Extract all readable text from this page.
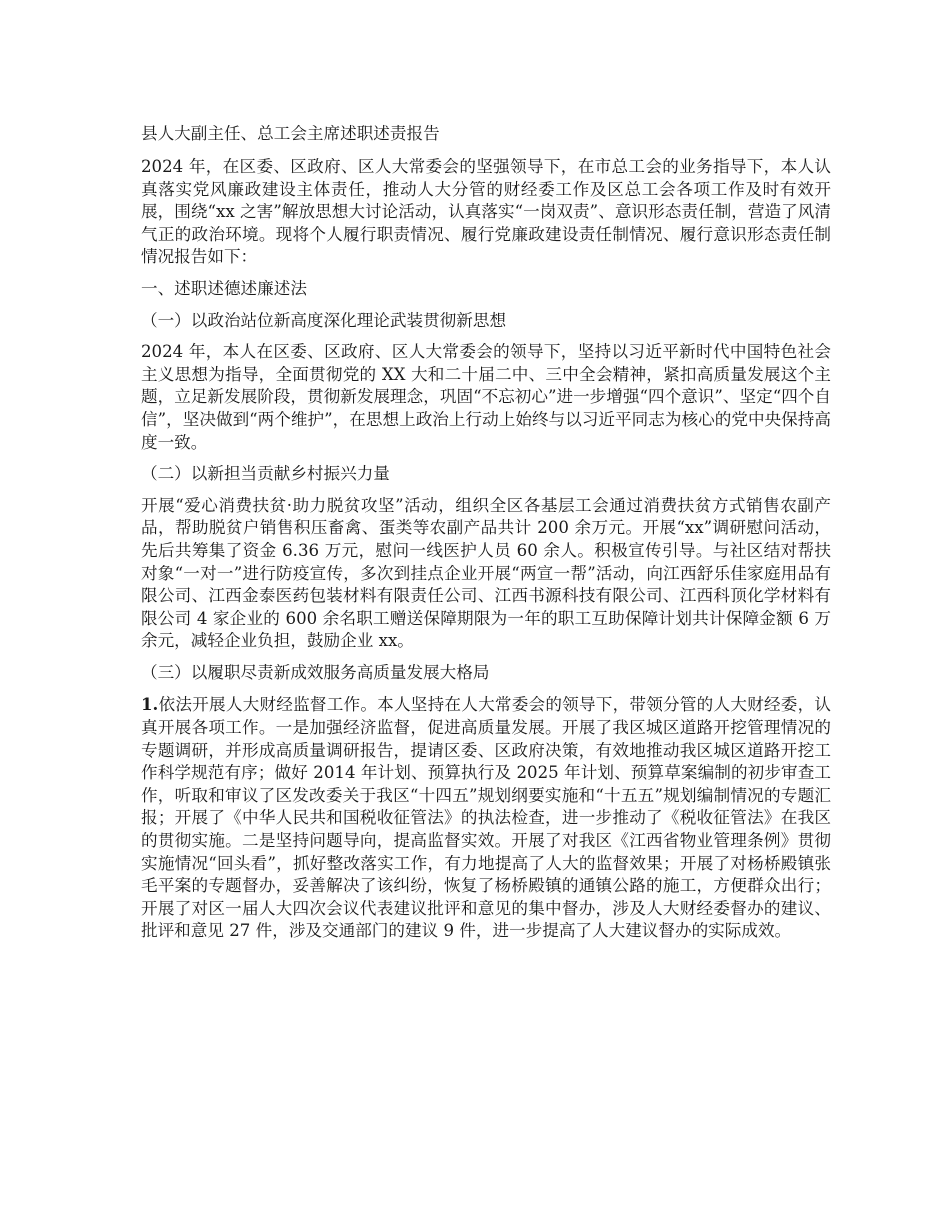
县人大副主任、总工会主席述职述责报告

2024 年，在区委、区政府、区人大常委会的坚强领导下，在市总工会的业务指导下，本人认真落实党风廉政建设主体责任，推动人大分管的财经委工作及区总工会各项工作及时有效开展，围绕“xx 之害”解放思想大讨论活动，认真落实“一岗双责”、意识形态责任制，营造了风清气正的政治环境。现将个人履行职责情况、履行党廉政建设责任制情况、履行意识形态责任制情况报告如下：

一、述职述德述廉述法

（一）以政治站位新高度深化理论武装贯彻新思想

2024 年，本人在区委、区政府、区人大常委会的领导下，坚持以习近平新时代中国特色社会主义思想为指导，全面贯彻党的 XX 大和二十届二中、三中全会精神，紧扣高质量发展这个主题，立足新发展阶段，贯彻新发展理念，巩固“不忘初心”进一步增强“四个意识”、坚定“四个自信”，坚决做到“两个维护”，在思想上政治上行动上始终与以习近平同志为核心的党中央保持高度一致。

（二）以新担当贡献乡村振兴力量

开展“爱心消费扶贫·助力脱贫攻坚”活动，组织全区各基层工会通过消费扶贫方式销售农副产品，帮助脱贫户销售积压畜禽、蛋类等农副产品共计 200 余万元。开展“xx”调研慰问活动，先后共筹集了资金 6.36 万元，慰问一线医护人员 60 余人。积极宣传引导。与社区结对帮扶对象“一对一”进行防疫宣传，多次到挂点企业开展“两宣一帮”活动，向江西舒乐佳家庭用品有限公司、江西金泰医药包装材料有限责任公司、江西书源科技有限公司、江西科顶化学材料有限公司 4 家企业的 600 余名职工赠送保障期限为一年的职工互助保障计划共计保障金额 6 万余元，减轻企业负担，鼓励企业 xx。

（三）以履职尽责新成效服务高质量发展大格局

1.依法开展人大财经监督工作。本人坚持在人大常委会的领导下，带领分管的人大财经委，认真开展各项工作。一是加强经济监督，促进高质量发展。开展了我区城区道路开挖管理情况的专题调研，并形成高质量调研报告，提请区委、区政府决策，有效地推动我区城区道路开挖工作科学规范有序；做好 2014 年计划、预算执行及 2025 年计划、预算草案编制的初步审查工作，听取和审议了区发改委关于我区“十四五”规划纲要实施和“十五五”规划编制情况的专题汇报；开展了《中华人民共和国税收征管法》的执法检查，进一步推动了《税收征管法》在我区的贯彻实施。二是坚持问题导向，提高监督实效。开展了对我区《江西省物业管理条例》贯彻实施情况“回头看”，抓好整改落实工作，有力地提高了人大的监督效果；开展了对杨桥殿镇张毛平案的专题督办，妥善解决了该纠纷，恢复了杨桥殿镇的通镇公路的施工，方便群众出行；开展了对区一届人大四次会议代表建议批评和意见的集中督办，涉及人大财经委督办的建议、批评和意见 27 件，涉及交通部门的建议 9 件，进一步提高了人大建议督办的实际成效。
